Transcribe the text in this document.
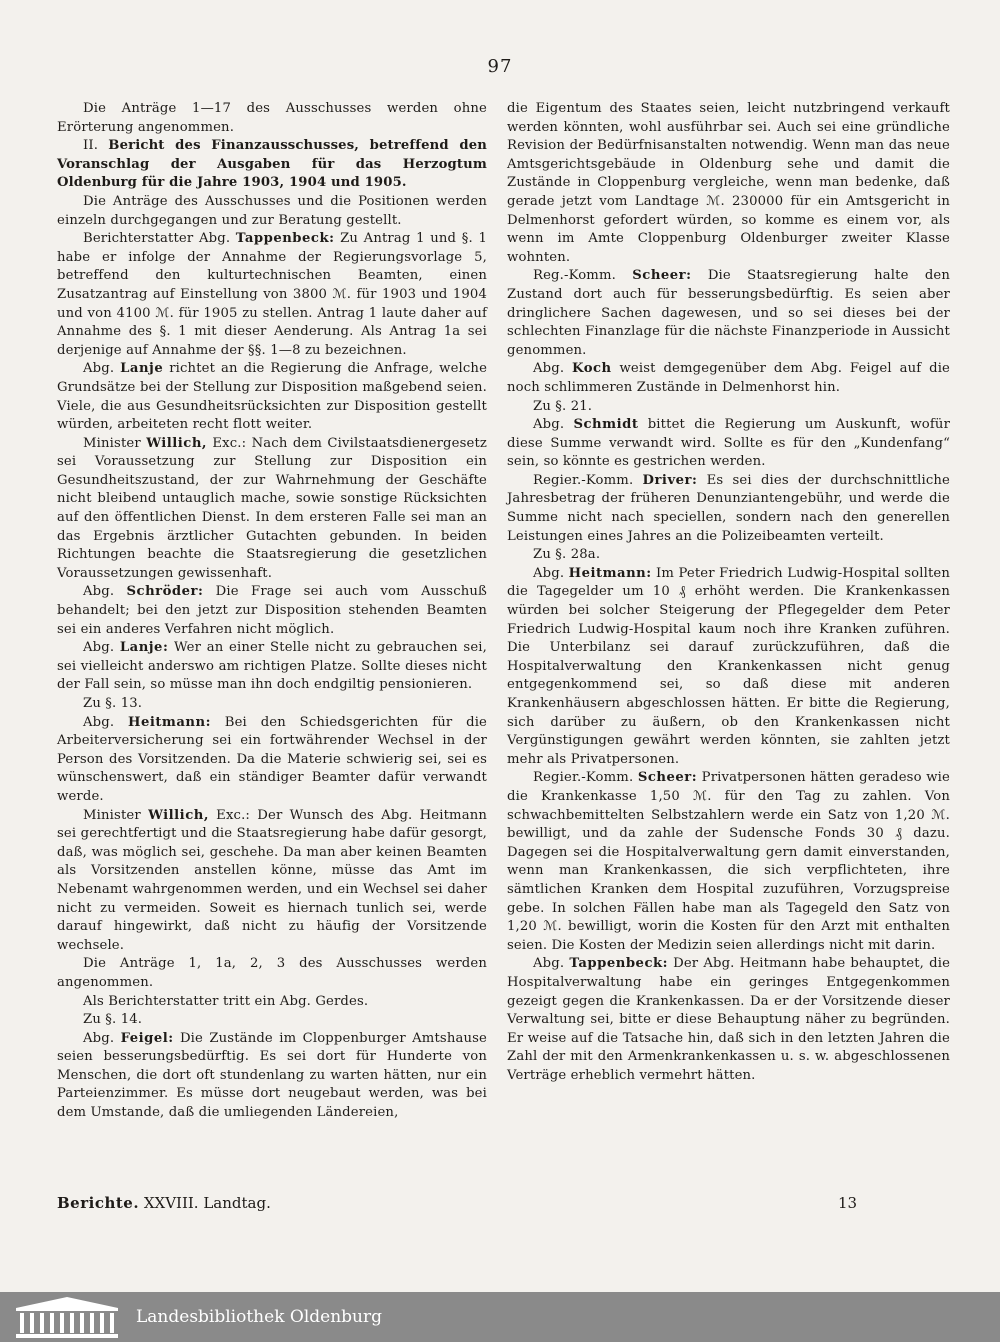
97

Die Anträge 1—17 des Ausschusses werden ohne Erörterung angenommen.

II. Bericht des Finanzausschusses, betreffend den Voranschlag der Ausgaben für das Herzogtum Oldenburg für die Jahre 1903, 1904 und 1905.

Die Anträge des Ausschusses und die Positionen werden einzeln durchgegangen und zur Beratung gestellt.

Berichterstatter Abg. Tappenbeck: Zu Antrag 1 und §. 1 habe er infolge der Annahme der Regierungsvorlage 5, betreffend den kulturtechnischen Beamten, einen Zusatzantrag auf Einstellung von 3800 ℳ. für 1903 und 1904 und von 4100 ℳ. für 1905 zu stellen. Antrag 1 laute daher auf Annahme des §. 1 mit dieser Aenderung. Als Antrag 1a sei derjenige auf Annahme der §§. 1—8 zu bezeichnen.

Abg. Lanje richtet an die Regierung die Anfrage, welche Grundsätze bei der Stellung zur Disposition maßgebend seien. Viele, die aus Gesundheitsrücksichten zur Disposition gestellt würden, arbeiteten recht flott weiter.

Minister Willich, Exc.: Nach dem Civilstaatsdienergesetz sei Voraussetzung zur Stellung zur Disposition ein Gesundheitszustand, der zur Wahrnehmung der Geschäfte nicht bleibend untauglich mache, sowie sonstige Rücksichten auf den öffentlichen Dienst. In dem ersteren Falle sei man an das Ergebnis ärztlicher Gutachten gebunden. In beiden Richtungen beachte die Staatsregierung die gesetzlichen Voraussetzungen gewissenhaft.

Abg. Schröder: Die Frage sei auch vom Ausschuß behandelt; bei den jetzt zur Disposition stehenden Beamten sei ein anderes Verfahren nicht möglich.

Abg. Lanje: Wer an einer Stelle nicht zu gebrauchen sei, sei vielleicht anderswo am richtigen Platze. Sollte dieses nicht der Fall sein, so müsse man ihn doch endgiltig pensionieren.

Zu §. 13.

Abg. Heitmann: Bei den Schiedsgerichten für die Arbeiterversicherung sei ein fortwährender Wechsel in der Person des Vorsitzenden. Da die Materie schwierig sei, sei es wünschenswert, daß ein ständiger Beamter dafür verwandt werde.

Minister Willich, Exc.: Der Wunsch des Abg. Heitmann sei gerechtfertigt und die Staatsregierung habe dafür gesorgt, daß, was möglich sei, geschehe. Da man aber keinen Beamten als Vorsitzenden anstellen könne, müsse das Amt im Nebenamt wahrgenommen werden, und ein Wechsel sei daher nicht zu vermeiden. Soweit es hiernach tunlich sei, werde darauf hingewirkt, daß nicht zu häufig der Vorsitzende wechsele.

Die Anträge 1, 1a, 2, 3 des Ausschusses werden angenommen.

Als Berichterstatter tritt ein Abg. Gerdes.

Zu §. 14.

Abg. Feigel: Die Zustände im Cloppenburger Amtshause seien besserungsbedürftig. Es sei dort für Hunderte von Menschen, die dort oft stundenlang zu warten hätten, nur ein Parteienzimmer. Es müsse dort neugebaut werden, was bei dem Umstande, daß die umliegenden Ländereien,

die Eigentum des Staates seien, leicht nutzbringend verkauft werden könnten, wohl ausführbar sei. Auch sei eine gründliche Revision der Bedürfnisanstalten notwendig. Wenn man das neue Amtsgerichtsgebäude in Oldenburg sehe und damit die Zustände in Cloppenburg vergleiche, wenn man bedenke, daß gerade jetzt vom Landtage ℳ. 230000 für ein Amtsgericht in Delmenhorst gefordert würden, so komme es einem vor, als wenn im Amte Cloppenburg Oldenburger zweiter Klasse wohnten.

Reg.-Komm. Scheer: Die Staatsregierung halte den Zustand dort auch für besserungsbedürftig. Es seien aber dringlichere Sachen dagewesen, und so sei dieses bei der schlechten Finanzlage für die nächste Finanzperiode in Aussicht genommen.

Abg. Koch weist demgegenüber dem Abg. Feigel auf die noch schlimmeren Zustände in Delmenhorst hin.

Zu §. 21.

Abg. Schmidt bittet die Regierung um Auskunft, wofür diese Summe verwandt wird. Sollte es für den „Kundenfang“ sein, so könnte es gestrichen werden.

Regier.-Komm. Driver: Es sei dies der durchschnittliche Jahresbetrag der früheren Denunziantengebühr, und werde die Summe nicht nach speciellen, sondern nach den generellen Leistungen eines Jahres an die Polizeibeamten verteilt.

Zu §. 28a.

Abg. Heitmann: Im Peter Friedrich Ludwig-Hospital sollten die Tagegelder um 10 ₰ erhöht werden. Die Krankenkassen würden bei solcher Steigerung der Pflegegelder dem Peter Friedrich Ludwig-Hospital kaum noch ihre Kranken zuführen. Die Unterbilanz sei darauf zurückzuführen, daß die Hospitalverwaltung den Krankenkassen nicht genug entgegenkommend sei, so daß diese mit anderen Krankenhäusern abgeschlossen hätten. Er bitte die Regierung, sich darüber zu äußern, ob den Krankenkassen nicht Vergünstigungen gewährt werden könnten, sie zahlten jetzt mehr als Privatpersonen.

Regier.-Komm. Scheer: Privatpersonen hätten geradeso wie die Krankenkasse 1,50 ℳ. für den Tag zu zahlen. Von schwachbemittelten Selbstzahlern werde ein Satz von 1,20 ℳ. bewilligt, und da zahle der Sudensche Fonds 30 ₰ dazu. Dagegen sei die Hospitalverwaltung gern damit einverstanden, wenn man Krankenkassen, die sich verpflichteten, ihre sämtlichen Kranken dem Hospital zuzuführen, Vorzugspreise gebe. In solchen Fällen habe man als Tagegeld den Satz von 1,20 ℳ. bewilligt, worin die Kosten für den Arzt mit enthalten seien. Die Kosten der Medizin seien allerdings nicht mit darin.

Abg. Tappenbeck: Der Abg. Heitmann habe behauptet, die Hospitalverwaltung habe ein geringes Entgegenkommen gezeigt gegen die Krankenkassen. Da er der Vorsitzende dieser Verwaltung sei, bitte er diese Behauptung näher zu begründen. Er weise auf die Tatsache hin, daß sich in den letzten Jahren die Zahl der mit den Armenkrankenkassen u. s. w. abgeschlossenen Verträge erheblich vermehrt hätten.

Berichte. XXVIII. Landtag.	13
Landesbibliothek Oldenburg
